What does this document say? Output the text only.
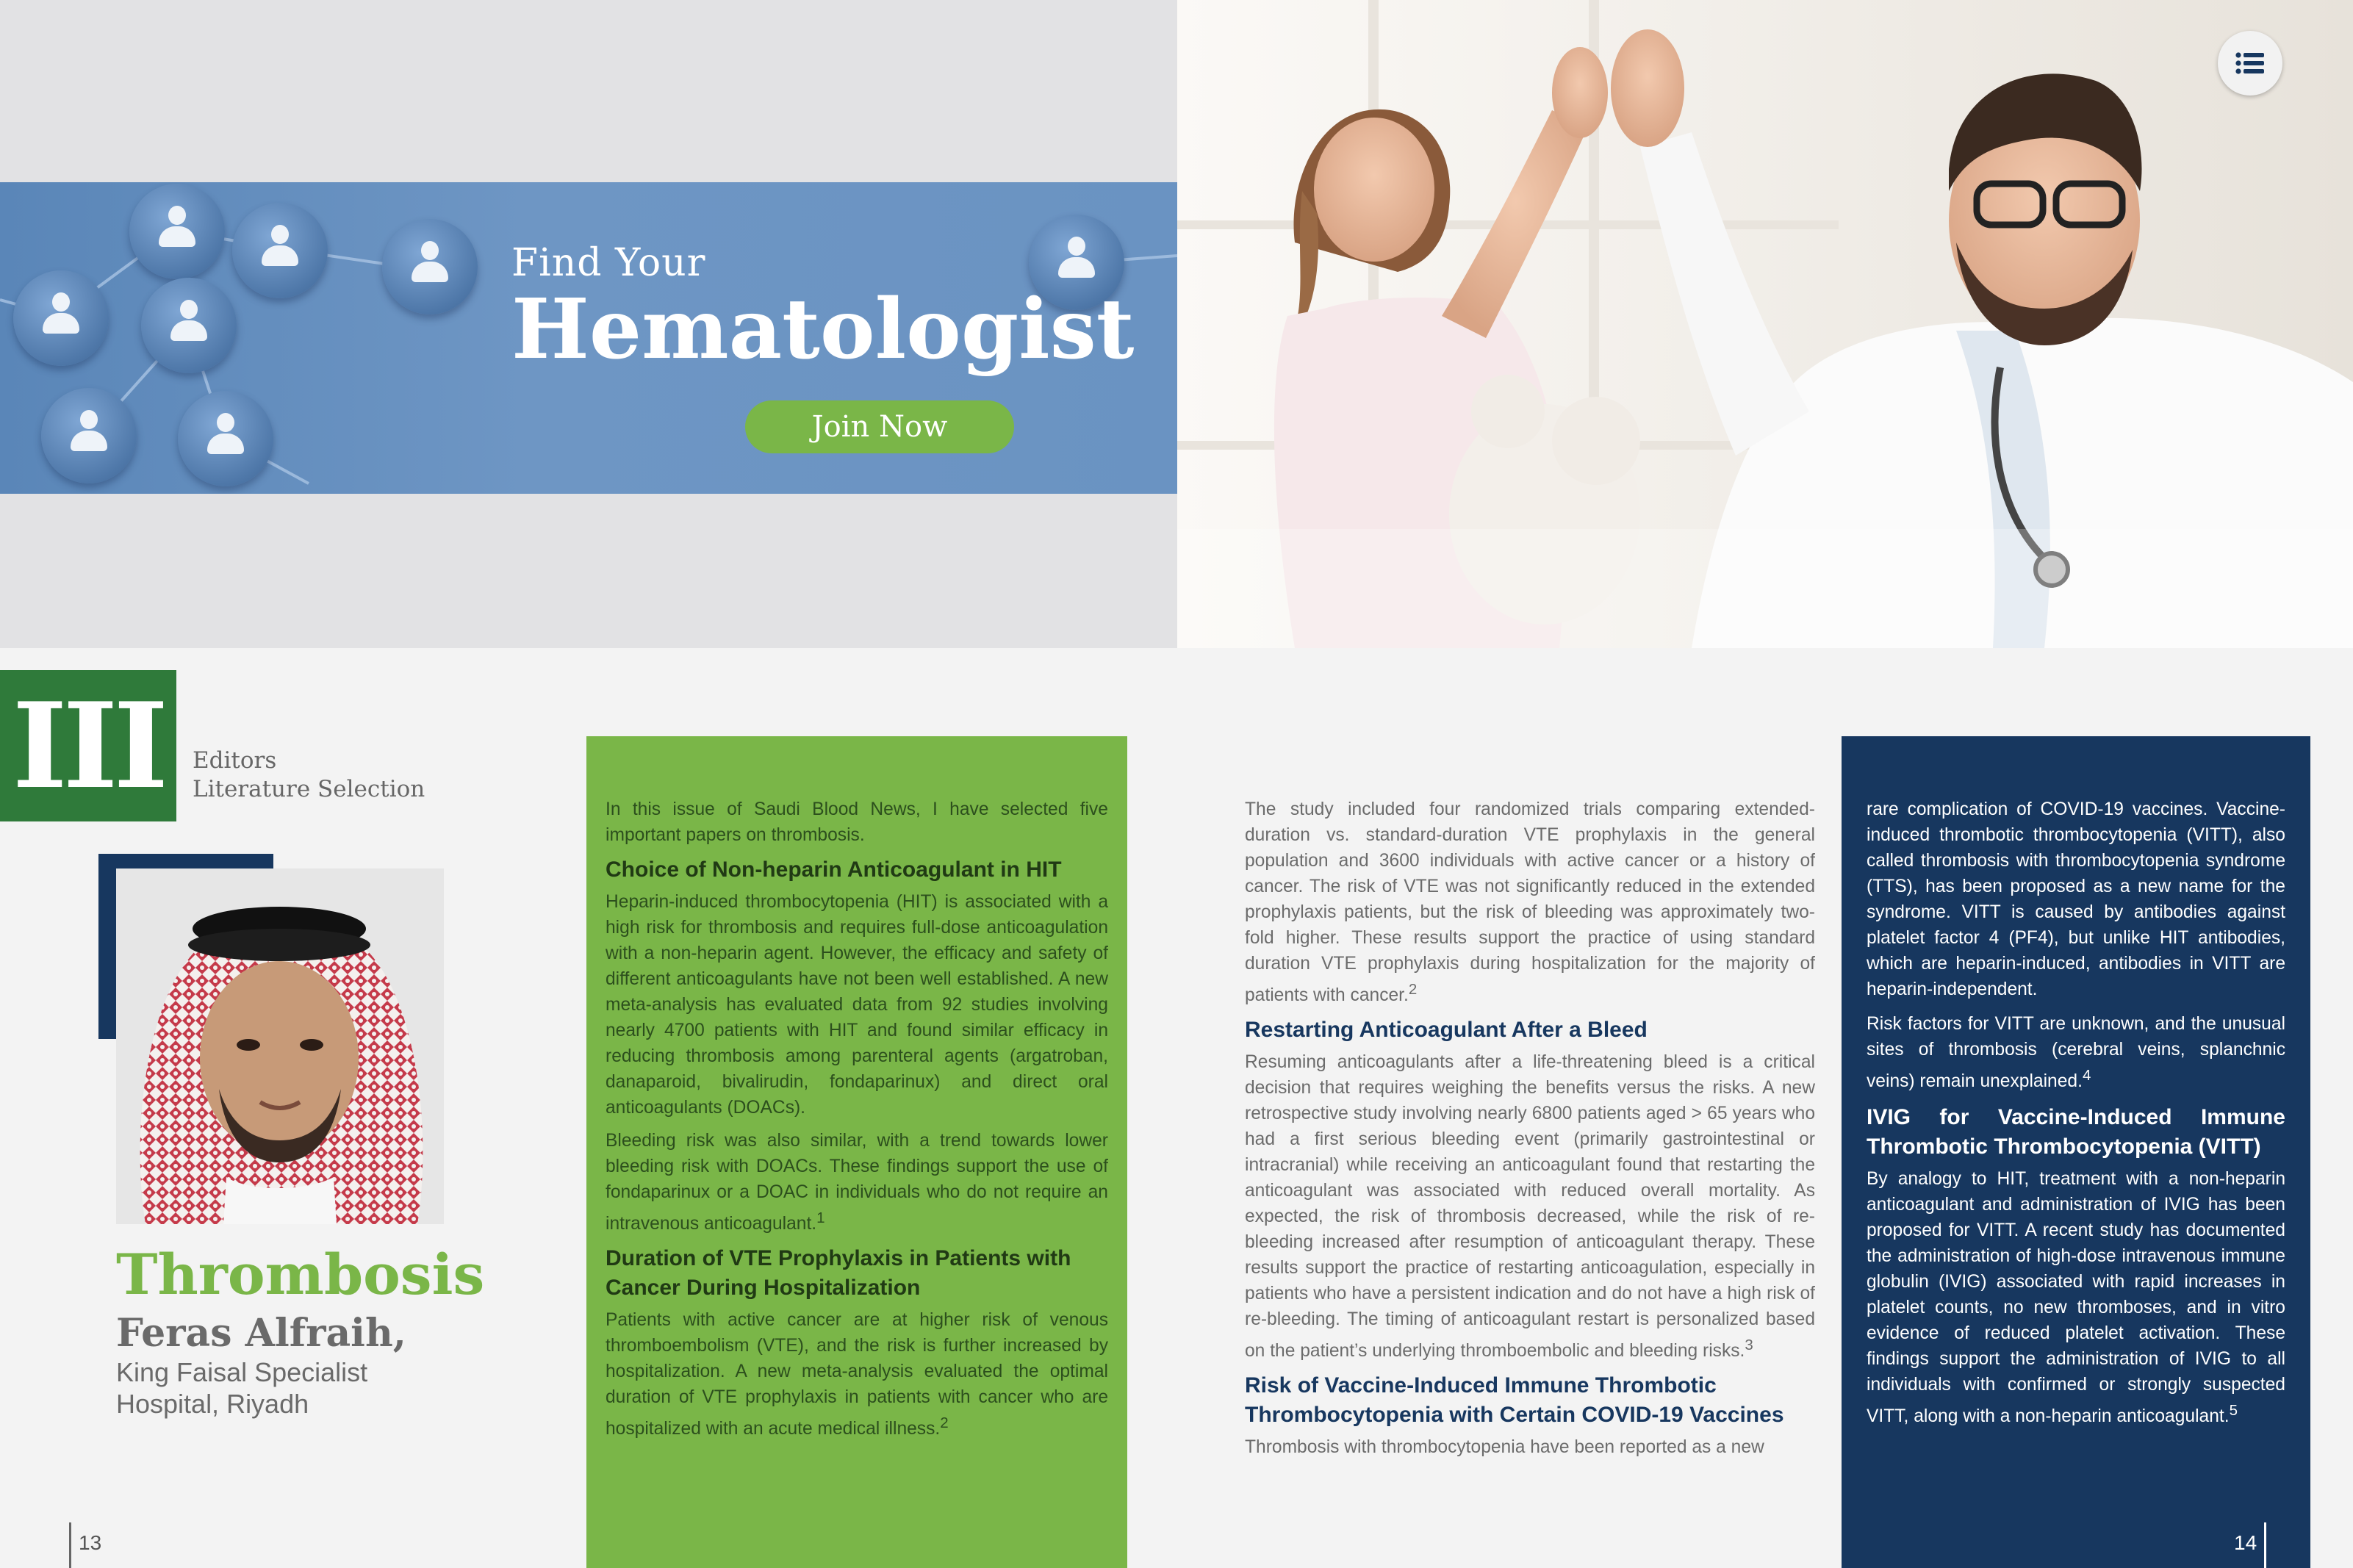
Find Your
Hematologist
Join Now
III	Editors
Literature Selection
Thrombosis
Feras Alfraih,
King Faisal Specialist Hospital, Riyadh

In this issue of Saudi Blood News, I have selected five important papers on thrombosis.

Choice of Non-heparin Anticoagulant in HIT

Heparin-induced thrombocytopenia (HIT) is associated with a high risk for thrombosis and requires full-dose anticoagulation with a non-heparin agent. However, the efficacy and safety of different anticoagulants have not been well established. A new meta-analysis has evaluated data from 92 studies involving nearly 4700 patients with HIT and found similar efficacy in reducing thrombosis among parenteral agents (argatroban, danaparoid, bivalirudin, fondaparinux) and direct oral anticoagulants (DOACs).

Bleeding risk was also similar, with a trend towards lower bleeding risk with DOACs. These findings support the use of fondaparinux or a DOAC in individuals who do not require an intravenous anticoagulant.$^1$

Duration of VTE Prophylaxis in Patients with Cancer During Hospitalization

Patients with active cancer are at higher risk of venous thromboembolism (VTE), and the risk is further increased by hospitalization. A new meta-analysis evaluated the optimal duration of VTE prophylaxis in patients with cancer who are hospitalized with an acute medical illness.$^2$

The study included four randomized trials comparing extended-duration vs. standard-duration VTE prophylaxis in the general population and 3600 individuals with active cancer or a history of cancer. The risk of VTE was not significantly reduced in the extended prophylaxis patients, but the risk of bleeding was approximately two-fold higher. These results support the practice of using standard duration VTE prophylaxis during hospitalization for the majority of patients with cancer.$^2$

Restarting Anticoagulant After a Bleed

Resuming anticoagulants after a life-threatening bleed is a critical decision that requires weighing the benefits versus the risks. A new retrospective study involving nearly 6800 patients aged > 65 years who had a first serious bleeding event (primarily gastrointestinal or intracranial) while receiving an anticoagulant found that restarting the anticoagulant was associated with reduced overall mortality. As expected, the risk of thrombosis decreased, while the risk of re-bleeding increased after resumption of anticoagulant therapy. These results support the practice of restarting anticoagulation, especially in patients who have a persistent indication and do not have a high risk of re-bleeding. The timing of anticoagulant restart is personalized based on the patient’s underlying thromboembolic and bleeding risks.$^3$

Risk of Vaccine-Induced Immune Thrombotic Thrombocytopenia with Certain COVID-19 Vaccines

Thrombosis with thrombocytopenia have been reported as a new

rare complication of COVID-19 vaccines. Vaccine-induced thrombotic thrombocytopenia (VITT), also called thrombosis with thrombocytopenia syndrome (TTS), has been proposed as a new name for the syndrome. VITT is caused by antibodies against platelet factor 4 (PF4), but unlike HIT antibodies, which are heparin-induced, antibodies in VITT are heparin-independent.

Risk factors for VITT are unknown, and the unusual sites of thrombosis (cerebral veins, splanchnic veins) remain unexplained.$^4$

IVIG for Vaccine-Induced Immune Thrombotic Thrombocytopenia (VITT)

By analogy to HIT, treatment with a non-heparin anticoagulant and administration of IVIG has been proposed for VITT. A recent study has documented the administration of high-dose intravenous immune globulin (IVIG) associated with rapid increases in platelet counts, no new thromboses, and in vitro evidence of reduced platelet activation. These findings support the administration of IVIG to all individuals with confirmed or strongly suspected VITT, along with a non-heparin anticoagulant.$^5$

13	14
